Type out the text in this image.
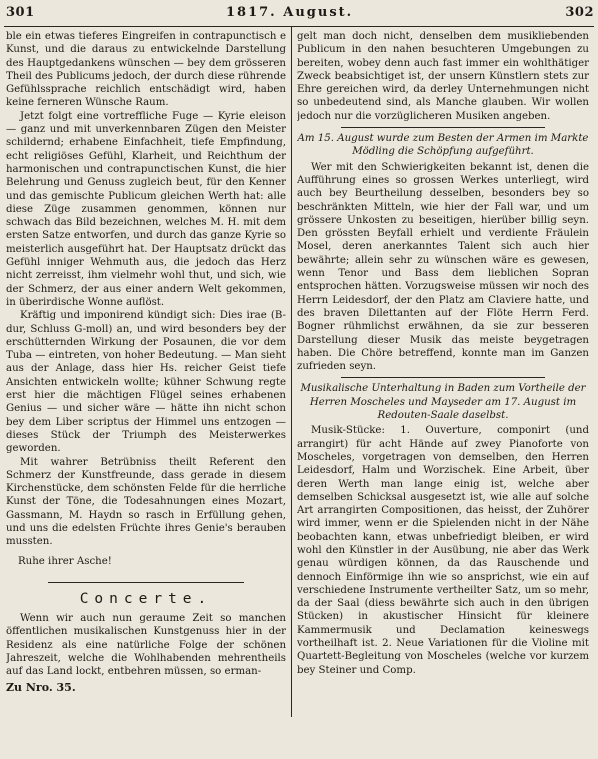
301	1817. August.	302

ble ein etwas tieferes Eingreifen in contrapunctisch e Kunst, und die daraus zu entwickelnde Darstellung des Hauptgedankens wünschen — bey dem grösseren Theil des Publicums jedoch, der durch diese rührende Gefühlssprache reichlich entschädigt wird, haben keine ferneren Wünsche Raum.

Jetzt folgt eine vortreffliche Fuge — Kyrie eleison — ganz und mit unverkennbaren Zügen den Meister schildernd; erhabene Einfachheit, tiefe Empfindung, echt religiöses Gefühl, Klarheit, und Reichthum der harmonischen und contrapunctischen Kunst, die hier Belehrung und Genuss zugleich beut, für den Kenner und das gemischte Publicum gleichen Werth hat: alle diese Züge zusammen genommen, können nur schwach das Bild bezeichnen, welches M. H. mit dem ersten Satze entworfen, und durch das ganze Kyrie so meisterlich ausgeführt hat. Der Hauptsatz drückt das Gefühl inniger Wehmuth aus, die jedoch das Herz nicht zerreisst, ihm vielmehr wohl thut, und sich, wie der Schmerz, der aus einer andern Welt gekommen, in überirdische Wonne auflöst.

Kräftig und imponirend kündigt sich: Dies irae (B-dur, Schluss G-moll) an, und wird besonders bey der erschütternden Wirkung der Posaunen, die vor dem Tuba — eintreten, von hoher Bedeutung. — Man sieht aus der Anlage, dass hier Hs. reicher Geist tiefe Ansichten entwickeln wollte; kühner Schwung regte erst hier die mächtigen Flügel seines erhabenen Genius — und sicher wäre — hätte ihn nicht schon bey dem Liber scriptus der Himmel uns entzogen — dieses Stück der Triumph des Meisterwerkes geworden.

Mit wahrer Betrübniss theilt Referent den Schmerz der Kunstfreunde, dass gerade in diesem Kirchenstücke, dem schönsten Felde für die herrliche Kunst der Töne, die Todesahnungen eines Mozart, Gassmann, M. Haydn so rasch in Erfüllung gehen, und uns die edelsten Früchte ihres Genie's berauben mussten.

Ruhe ihrer Asche!
Concerte.

Wenn wir auch nun geraume Zeit so manchen öffentlichen musikalischen Kunstgenuss hier in der Residenz als eine natürliche Folge der schönen Jahreszeit, welche die Wohlhabenden mehrentheils auf das Land lockt, entbehren müssen, so erman-

Zu Nro. 35.

gelt man doch nicht, denselben dem musikliebenden Publicum in den nahen besuchteren Umgebungen zu bereiten, wobey denn auch fast immer ein wohlthätiger Zweck beabsichtiget ist, der unsern Künstlern stets zur Ehre gereichen wird, da derley Unternehmungen nicht so unbedeutend sind, als Manche glauben. Wir wollen jedoch nur die vorzüglicheren Musiken angeben.

Am 15. August wurde zum Besten der Armen im Markte Mödling die Schöpfung aufgeführt.

Wer mit den Schwierigkeiten bekannt ist, denen die Aufführung eines so grossen Werkes unterliegt, wird auch bey Beurtheilung desselben, besonders bey so beschränkten Mitteln, wie hier der Fall war, und um grössere Unkosten zu beseitigen, hierüber billig seyn. Den grössten Beyfall erhielt und verdiente Fräulein Mosel, deren anerkanntes Talent sich auch hier bewährte; allein sehr zu wünschen wäre es gewesen, wenn Tenor und Bass dem lieblichen Sopran entsprochen hätten. Vorzugsweise müssen wir noch des Herrn Leidesdorf, der den Platz am Claviere hatte, und des braven Dilettanten auf der Flöte Herrn Ferd. Bogner rühmlichst erwähnen, da sie zur besseren Darstellung dieser Musik das meiste beygetragen haben. Die Chöre betreffend, konnte man im Ganzen zufrieden seyn.

Musikalische Unterhaltung in Baden zum Vortheile der Herren Moscheles und Mayseder am 17. August im Redouten-Saale daselbst.

Musik-Stücke: 1. Ouverture, componirt (und arrangirt) für acht Hände auf zwey Pianoforte von Moscheles, vorgetragen von demselben, den Herren Leidesdorf, Halm und Worzischek. Eine Arbeit, über deren Werth man lange einig ist, welche aber demselben Schicksal ausgesetzt ist, wie alle auf solche Art arrangirten Compositionen, das heisst, der Zuhörer wird immer, wenn er die Spielenden nicht in der Nähe beobachten kann, etwas unbefriedigt bleiben, er wird wohl den Künstler in der Ausübung, nie aber das Werk genau würdigen können, da das Rauschende und dennoch Einförmige ihn wie so ansprichst, wie ein auf verschiedene Instrumente vertheilter Satz, um so mehr, da der Saal (diess bewährte sich auch in den übrigen Stücken) in akustischer Hinsicht für kleinere Kammermusik und Declamation keineswegs vortheilhaft ist. 2. Neue Variationen für die Violine mit Quartett-Begleitung von Moscheles (welche vor kurzem bey Steiner und Comp.
